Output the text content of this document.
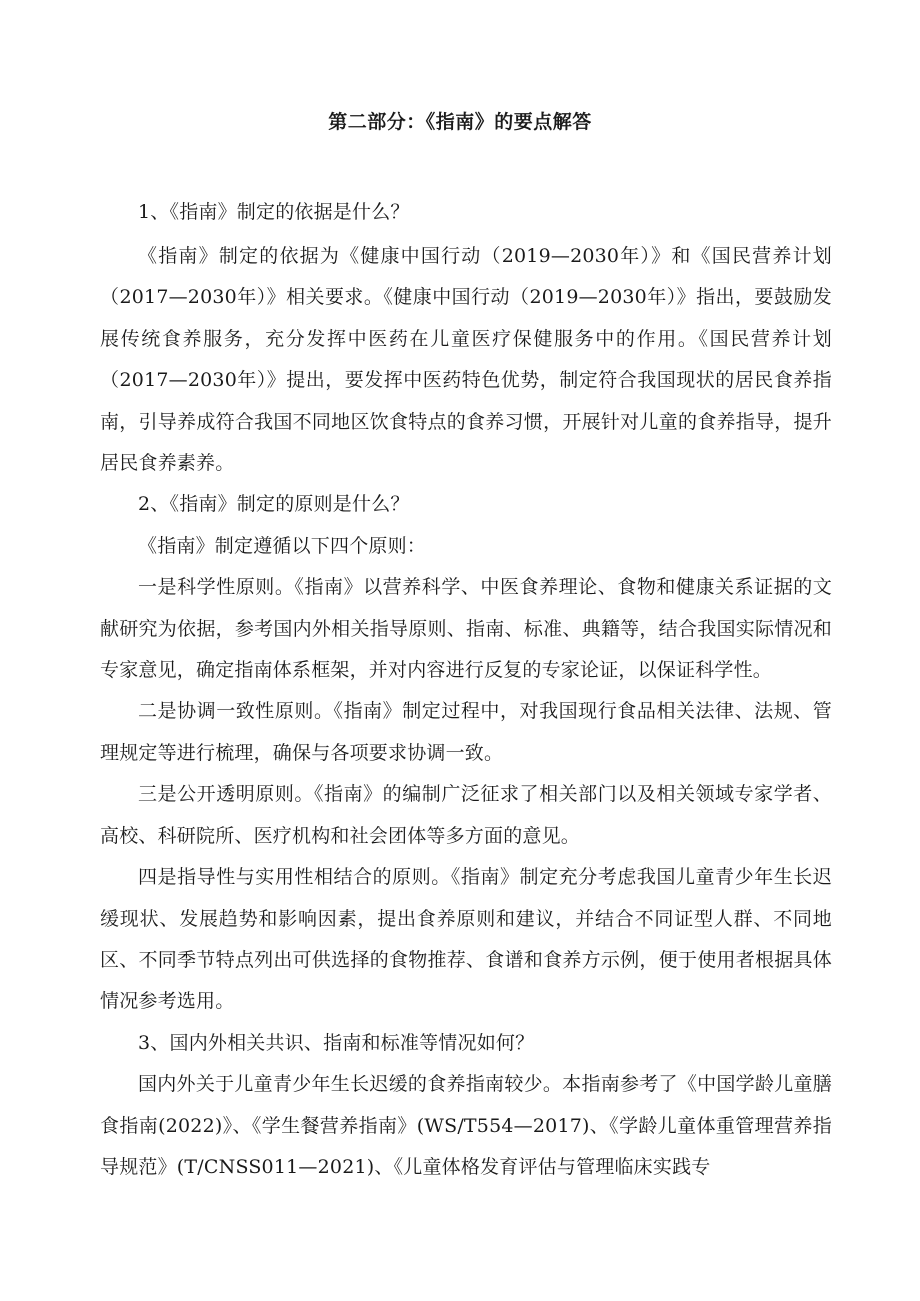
第二部分：《指南》的要点解答

1、《指南》制定的依据是什么？

《指南》制定的依据为《健康中国行动（2019—2030年）》和《国民营养计划（2017—2030年）》相关要求。《健康中国行动（2019—2030年）》指出，要鼓励发展传统食养服务，充分发挥中医药在儿童医疗保健服务中的作用。《国民营养计划（2017—2030年）》提出，要发挥中医药特色优势，制定符合我国现状的居民食养指南，引导养成符合我国不同地区饮食特点的食养习惯，开展针对儿童的食养指导，提升居民食养素养。

2、《指南》制定的原则是什么？

《指南》制定遵循以下四个原则：

一是科学性原则。《指南》以营养科学、中医食养理论、食物和健康关系证据的文献研究为依据，参考国内外相关指导原则、指南、标准、典籍等，结合我国实际情况和专家意见，确定指南体系框架，并对内容进行反复的专家论证，以保证科学性。

二是协调一致性原则。《指南》制定过程中，对我国现行食品相关法律、法规、管理规定等进行梳理，确保与各项要求协调一致。

三是公开透明原则。《指南》的编制广泛征求了相关部门以及相关领域专家学者、高校、科研院所、医疗机构和社会团体等多方面的意见。

四是指导性与实用性相结合的原则。《指南》制定充分考虑我国儿童青少年生长迟缓现状、发展趋势和影响因素，提出食养原则和建议，并结合不同证型人群、不同地区、不同季节特点列出可供选择的食物推荐、食谱和食养方示例，便于使用者根据具体情况参考选用。

3、国内外相关共识、指南和标准等情况如何？

国内外关于儿童青少年生长迟缓的食养指南较少。本指南参考了《中国学龄儿童膳食指南(2022)》、《学生餐营养指南》(WS/T554—2017)、《学龄儿童体重管理营养指导规范》(T/CNSS011—2021)、《儿童体格发育评估与管理临床实践专
